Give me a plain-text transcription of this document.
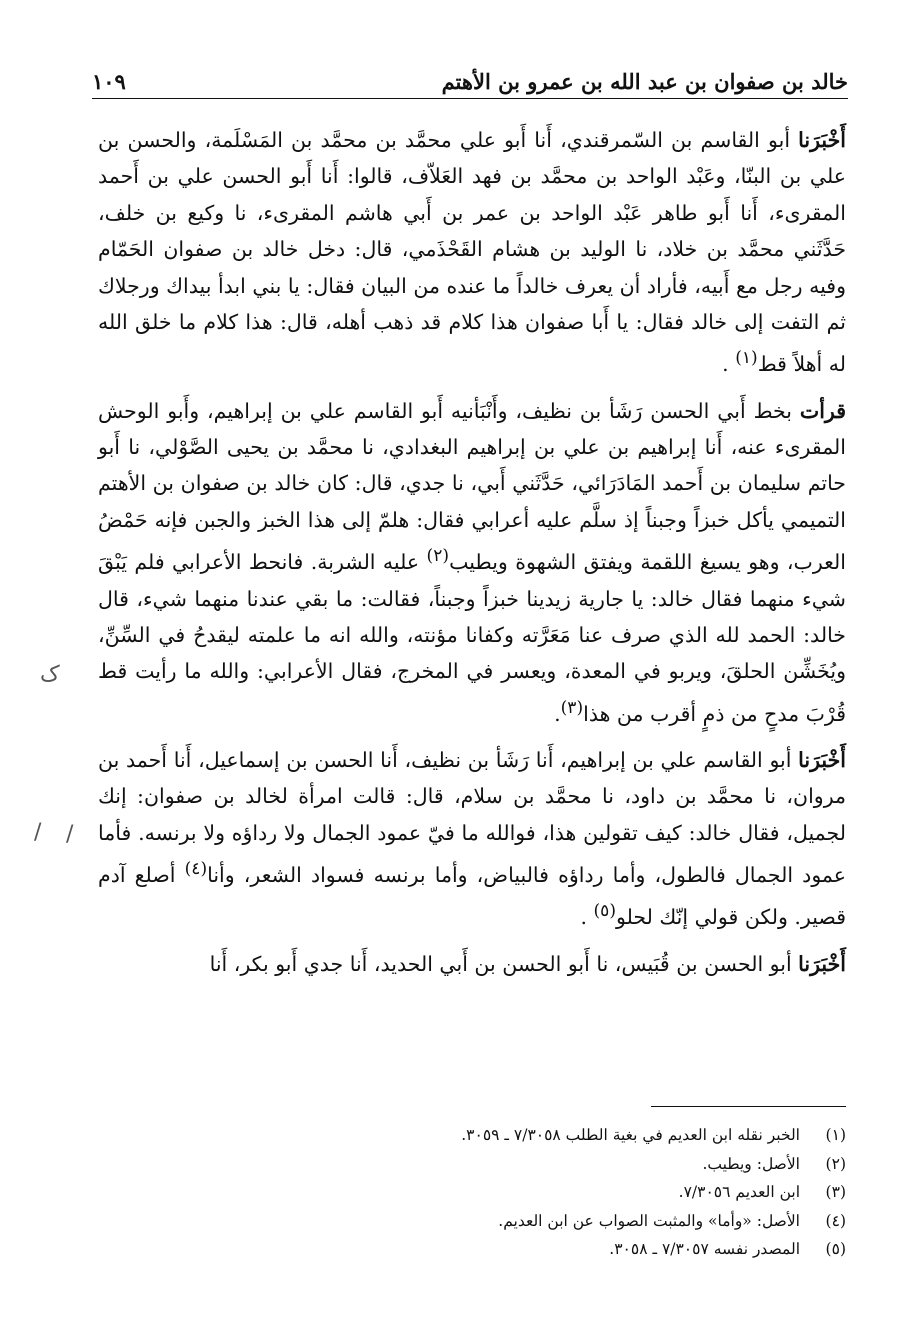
خالد بن صفوان بن عبد الله بن عمرو بن الأهتم
١٠٩

أَخْبَرَنا أبو القاسم بن السّمرقندي، أَنا أَبو علي محمَّد بن محمَّد بن المَسْلَمة، والحسن بن علي بن البنّا، وعَبْد الواحد بن محمَّد بن فهد العَلاّف، قالوا: أَنا أَبو الحسن علي بن أَحمد المقرىء، أَنا أَبو طاهر عَبْد الواحد بن عمر بن أَبي هاشم المقرىء، نا وكيع بن خلف، حَدَّثَني محمَّد بن خلاد، نا الوليد بن هشام القَحْذَمي، قال: دخل خالد بن صفوان الحَمّام وفيه رجل مع أَبيه، فأراد أن يعرف خالداً ما عنده من البيان فقال: يا بني ابدأ بيداك ورجلاك ثم التفت إلى خالد فقال: يا أَبا صفوان هذا كلام قد ذهب أهله، قال: هذا كلام ما خلق الله له أهلاً قط$^{(١)}$ .

قرأت بخط أَبي الحسن رَشَأ بن نظيف، وأَنْبَأنيه أَبو القاسم علي بن إبراهيم، وأَبو الوحش المقرىء عنه، أَنا إبراهيم بن علي بن إبراهيم البغدادي، نا محمَّد بن يحيى الصَّوْلي، نا أَبو حاتم سليمان بن أَحمد المَادَرَائي، حَدَّثَني أَبي، نا جدي، قال: كان خالد بن صفوان بن الأهتم التميمي يأكل خبزاً وجبناً إذ سلَّم عليه أعرابي فقال: هلمّ إلى هذا الخبز والجبن فإنه حَمْضُ العرب، وهو يسيغ اللقمة ويفتق الشهوة ويطيب$^{(٢)}$ عليه الشربة. فانحط الأعرابي فلم يَبْقَ شيء منهما فقال خالد: يا جارية زيدينا خبزاً وجبناً، فقالت: ما بقي عندنا منهما شيء، قال خالد: الحمد لله الذي صرف عنا مَعَرَّته وكفانا مؤنته، والله انه ما علمته ليقدحُ في السِّنِّ، ويُخَشِّن الحلقَ، ويربو في المعدة، ويعسر في المخرج، فقال الأعرابي: والله ما رأيت قط قُرْبَ مدحٍ من ذمٍ أقرب من هذا$^{(٣)}$.

أَخْبَرَنا أبو القاسم علي بن إبراهيم، أَنا رَشَأ بن نظيف، أَنا الحسن بن إسماعيل، أَنا أَحمد بن مروان، نا محمَّد بن داود، نا محمَّد بن سلام، قال: قالت امرأة لخالد بن صفوان: إنك لجميل، فقال خالد: كيف تقولين هذا، فوالله ما فيّ عمود الجمال ولا رداؤه ولا برنسه. فأما عمود الجمال فالطول، وأما رداؤه فالبياض، وأما برنسه فسواد الشعر، وأنا$^{(٤)}$ أصلع آدم قصير. ولكن قولي إنّك لحلو$^{(٥)}$ .

أَخْبَرَنا أبو الحسن بن قُبَيس، نا أَبو الحسن بن أَبي الحديد، أَنا جدي أَبو بكر، أَنا

(١)
الخبر نقله ابن العديم في بغية الطلب ٧/٣٠٥٨ ـ ٣٠٥٩.
(٢)
الأصل: ويطيب.
(٣)
ابن العديم ٧/٣٠٥٦.
(٤)
الأصل: «وأما» والمثبت الصواب عن ابن العديم.
(٥)
المصدر نفسه ٧/٣٠٥٧ ـ ٣٠٥٨.
ک
/ /
